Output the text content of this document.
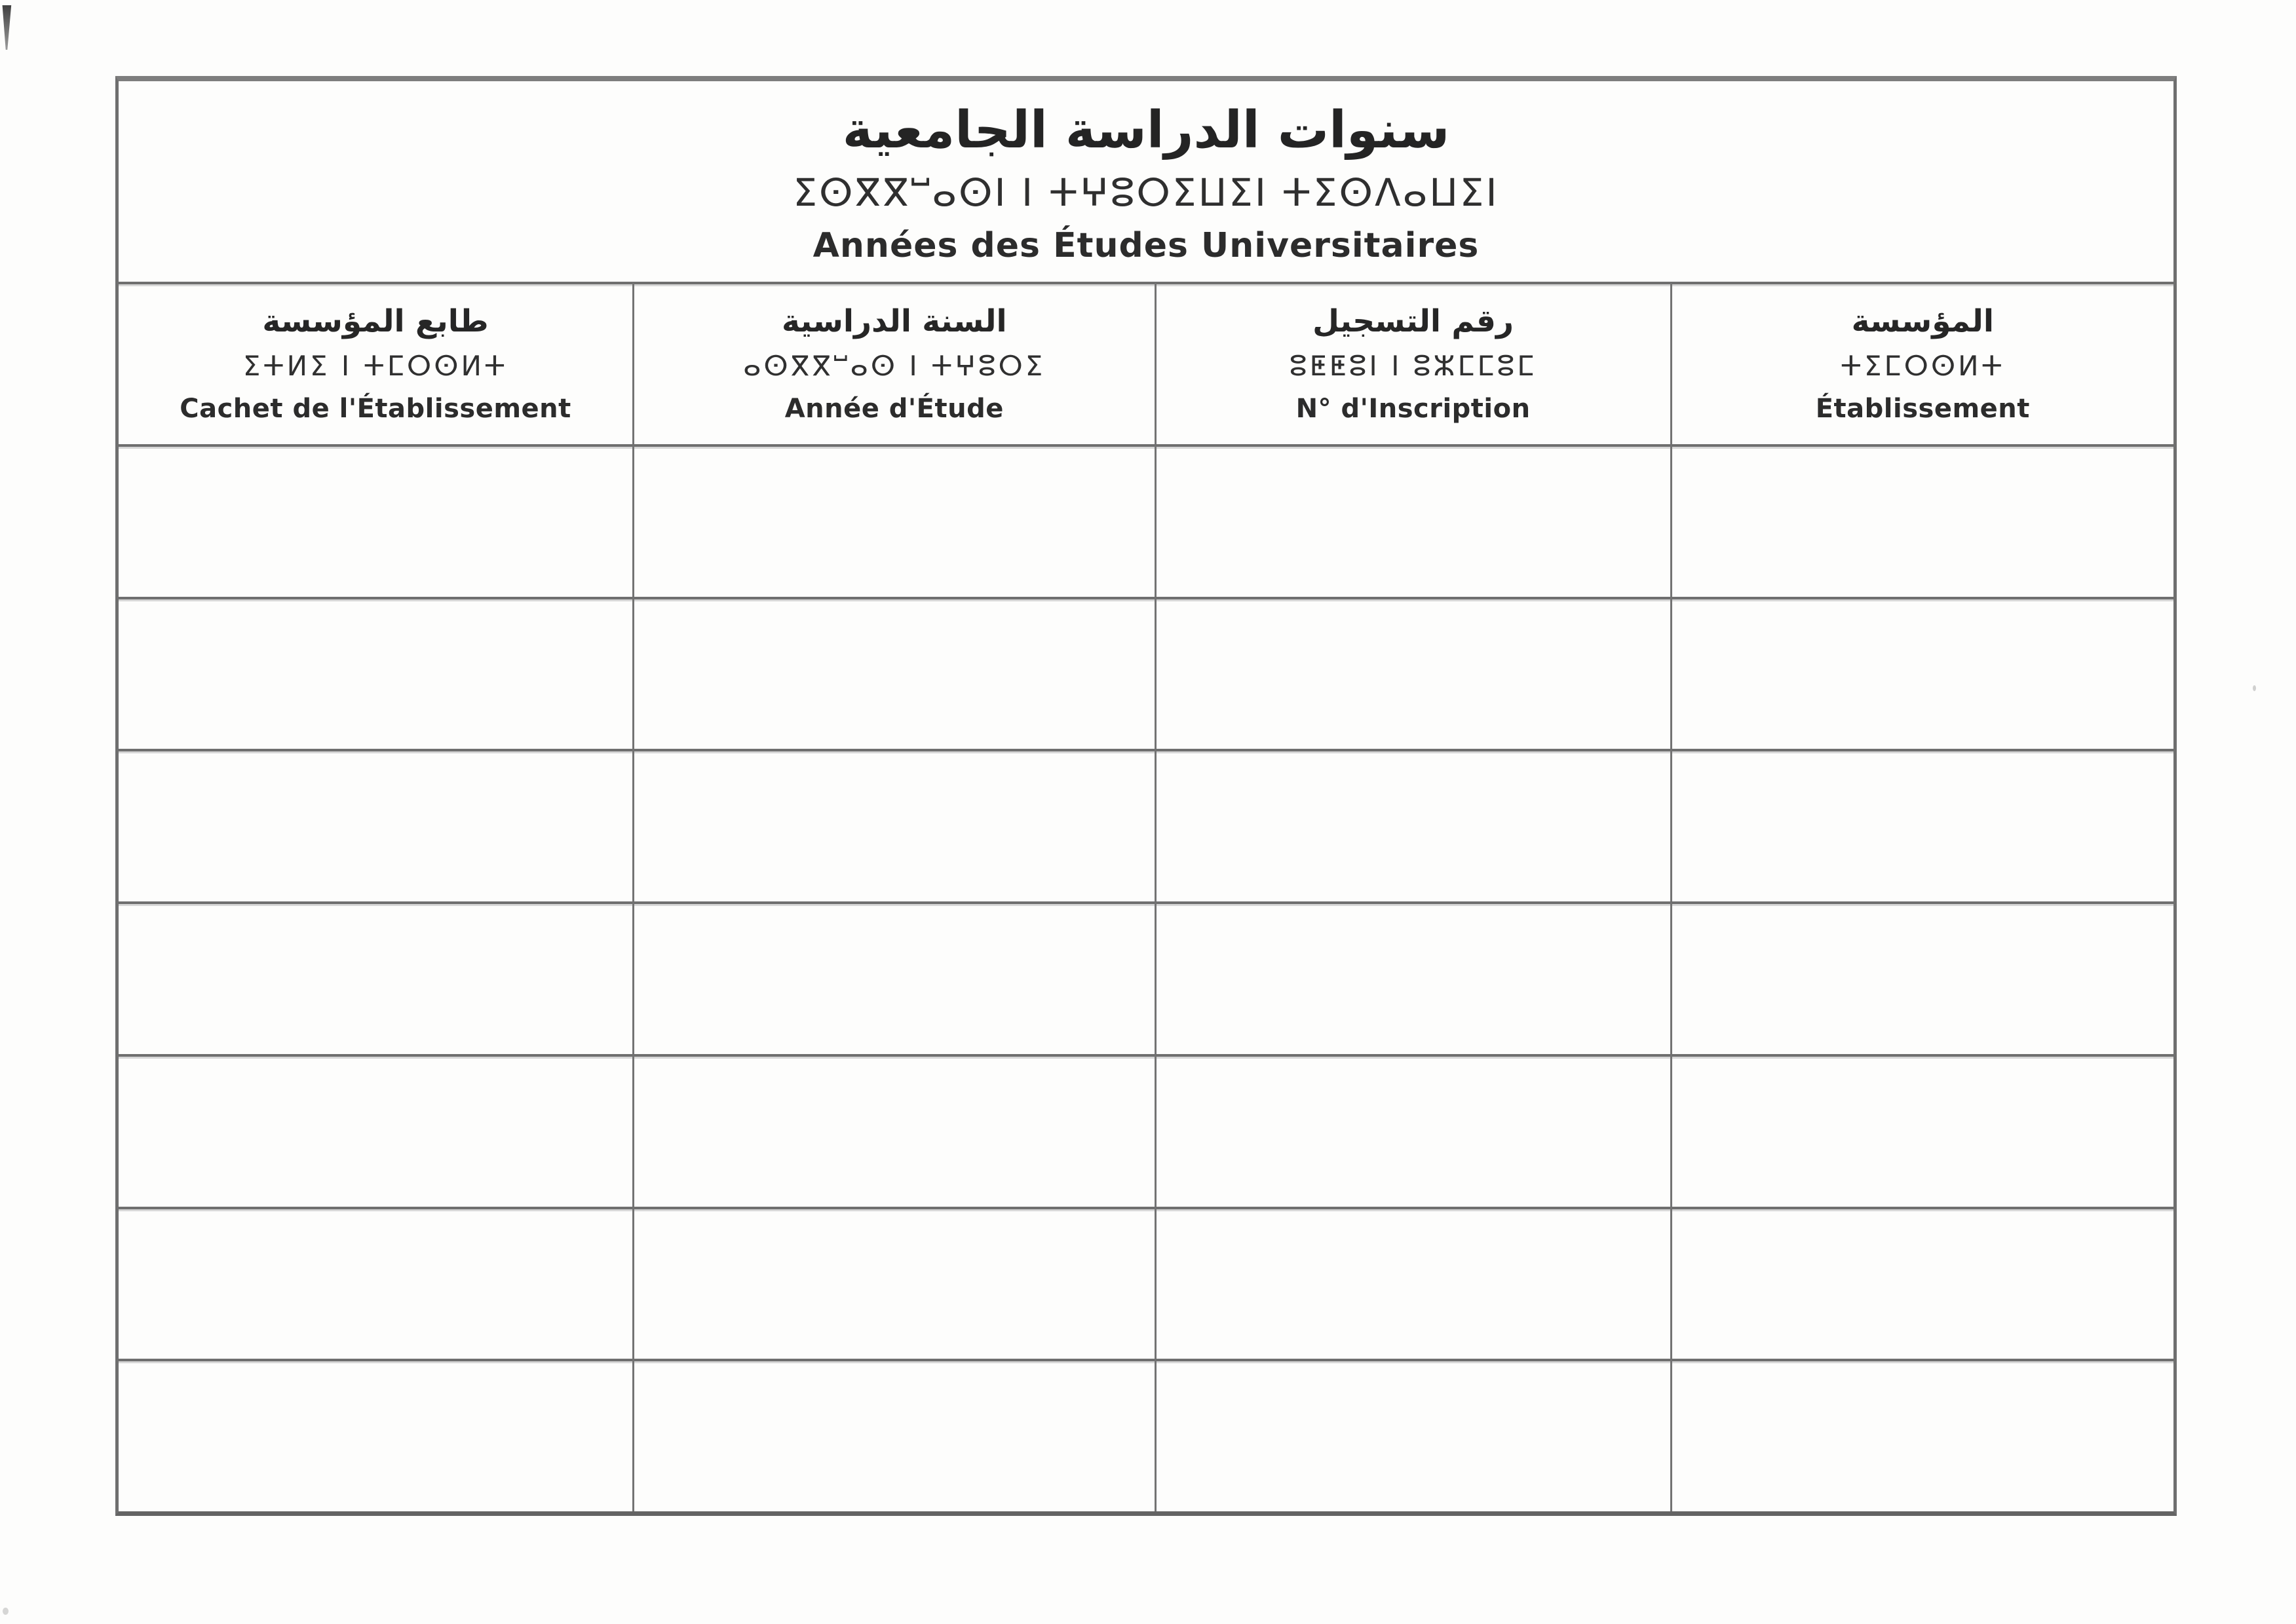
سنوات الدراسة الجامعية
ⵉⵙⴳⴳⵯⴰⵙⵏ ⵏ ⵜⵖⵓⵔⵉⵡⵉⵏ ⵜⵉⵙⴷⴰⵡⵉⵏ
Années des Études Universitaires
طابع المؤسسة
ⵉⵜⵍⵉ ⵏ ⵜⵎⵔⵙⵍⵜ
Cachet de l'Établissement
السنة الدراسية
ⴰⵙⴳⴳⵯⴰⵙ ⵏ ⵜⵖⵓⵔⵉ
Année d'Étude
رقم التسجيل
ⵓⵟⵟⵓⵏ ⵏ ⵓⵣⵎⵎⵓⵎ
N° d'Inscription
المؤسسة
ⵜⵉⵎⵔⵙⵍⵜ
Établissement
